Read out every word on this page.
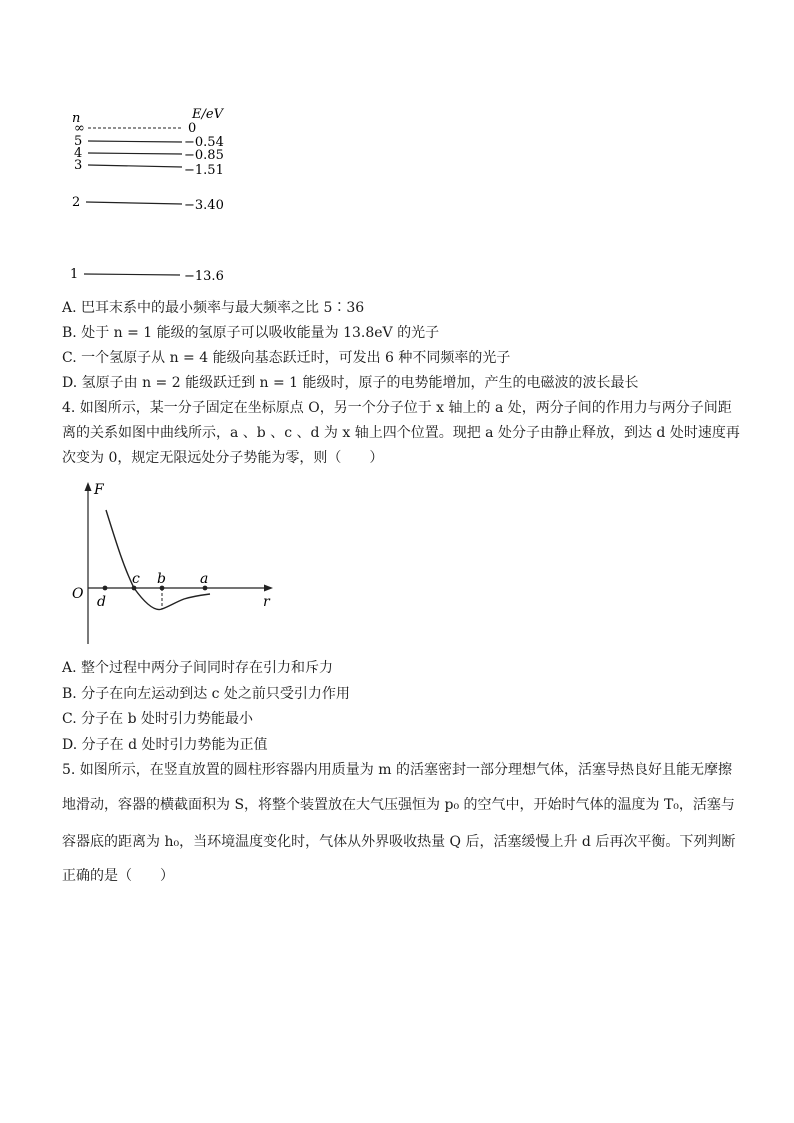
n	E/eV
∞	0
5	−0.54
4	−0.85
3	−1.51
2	−3.40
1	−13.6
A. 巴耳末系中的最小频率与最大频率之比 5∶36
B. 处于 n = 1 能级的氢原子可以吸收能量为 13.8eV 的光子
C. 一个氢原子从 n = 4 能级向基态跃迁时，可发出 6 种不同频率的光子
D. 氢原子由 n = 2 能级跃迁到 n = 1 能级时，原子的电势能增加，产生的电磁波的波长最长
4. 如图所示，某一分子固定在坐标原点 O，另一个分子位于 x 轴上的 a 处，两分子间的作用力与两分子间距
离的关系如图中曲线所示，a 、b 、c 、d 为 x 轴上四个位置。现把 a 处分子由静止释放，到达 d 处时速度再
次变为 0，规定无限远处分子势能为零，则（　　）
F
r
O d
c b a
A. 整个过程中两分子间同时存在引力和斥力
B. 分子在向左运动到达 c 处之前只受引力作用
C. 分子在 b 处时引力势能最小
D. 分子在 d 处时引力势能为正值
5. 如图所示，在竖直放置的圆柱形容器内用质量为 m 的活塞密封一部分理想气体，活塞导热良好且能无摩擦
地滑动，容器的横截面积为 S，将整个装置放在大气压强恒为 p₀ 的空气中，开始时气体的温度为 T₀，活塞与
容器底的距离为 h₀，当环境温度变化时，气体从外界吸收热量 Q 后，活塞缓慢上升 d 后再次平衡。下列判断
正确的是（　　）
